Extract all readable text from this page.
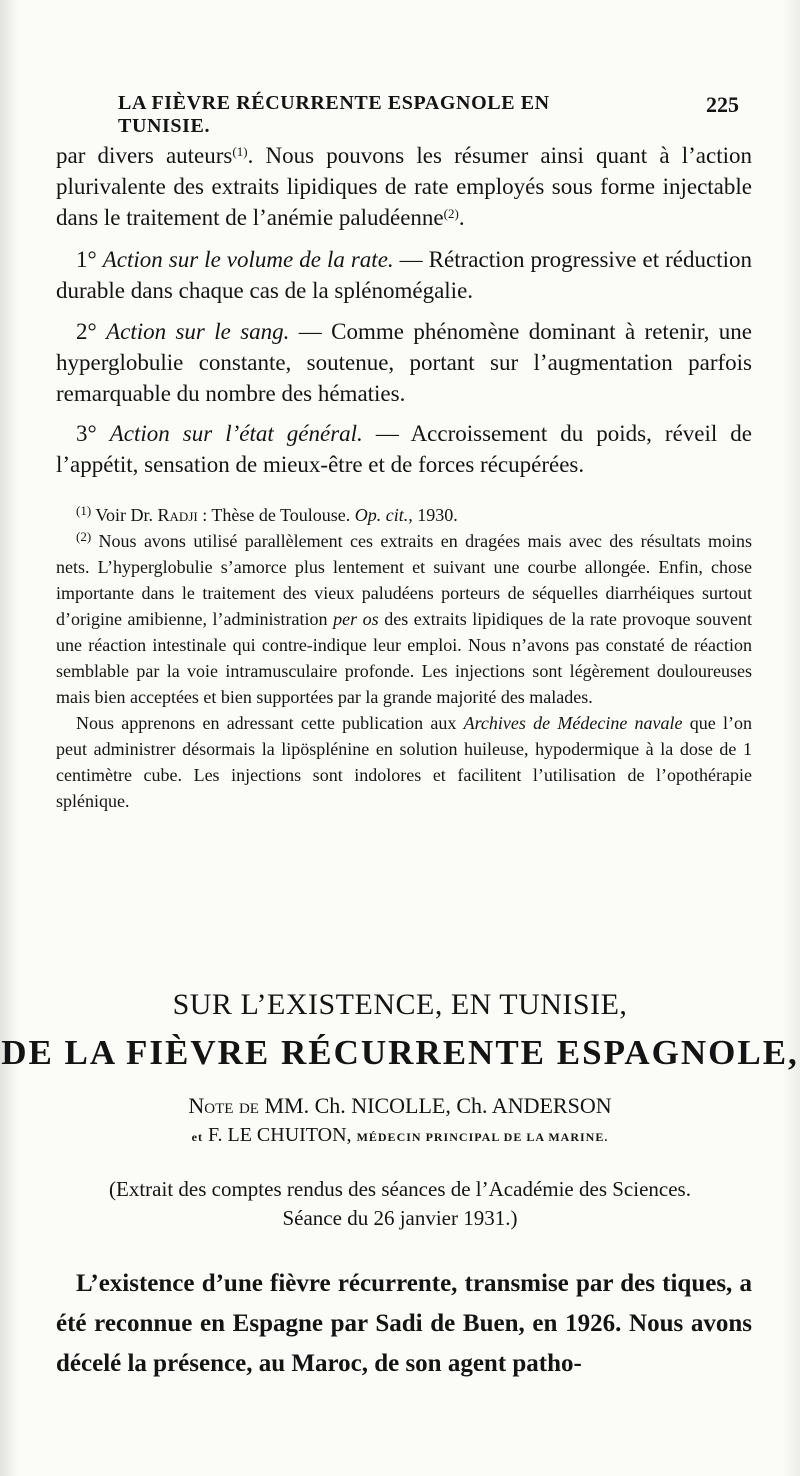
LA FIÈVRE RÉCURRENTE ESPAGNOLE EN TUNISIE.
225

par divers auteurs$^{(1)}$. Nous pouvons les résumer ainsi quant à l’action plurivalente des extraits lipidiques de rate employés sous forme injectable dans le traitement de l’anémie paludéenne$^{(2)}$.

1° Action sur le volume de la rate. — Rétraction progressive et réduction durable dans chaque cas de la splénomégalie.

2° Action sur le sang. — Comme phénomène dominant à retenir, une hyperglobulie constante, soutenue, portant sur l’augmentation parfois remarquable du nombre des hématies.

3° Action sur l’état général. — Accroissement du poids, réveil de l’appétit, sensation de mieux-être et de forces récupérées.

$^{(1)}$ Voir Dr. Radji : Thèse de Toulouse. Op. cit., 1930.

$^{(2)}$ Nous avons utilisé parallèlement ces extraits en dragées mais avec des résultats moins nets. L’hyperglobulie s’amorce plus lentement et suivant une courbe allongée. Enfin, chose importante dans le traitement des vieux paludéens porteurs de séquelles diarrhéiques surtout d’origine amibienne, l’administration per os des extraits lipidiques de la rate provoque souvent une réaction intestinale qui contre-indique leur emploi. Nous n’avons pas constaté de réaction semblable par la voie intramusculaire profonde. Les injections sont légèrement douloureuses mais bien acceptées et bien supportées par la grande majorité des malades.

Nous apprenons en adressant cette publication aux Archives de Médecine navale que l’on peut administrer désormais la lipösplénine en solution huileuse, hypodermique à la dose de 1 centimètre cube. Les injections sont indolores et facilitent l’utilisation de l’opothérapie splénique.

SUR L’EXISTENCE, EN TUNISIE,
DE LA FIÈVRE RÉCURRENTE ESPAGNOLE,
Note de MM. Ch. NICOLLE, Ch. ANDERSON
et F. LE CHUITON, MÉDECIN PRINCIPAL DE LA MARINE.
(Extrait des comptes rendus des séances de l’Académie des Sciences.
Séance du 26 janvier 1931.)

L’existence d’une fièvre récurrente, transmise par des tiques, a été reconnue en Espagne par Sadi de Buen, en 1926. Nous avons décelé la présence, au Maroc, de son agent patho-
